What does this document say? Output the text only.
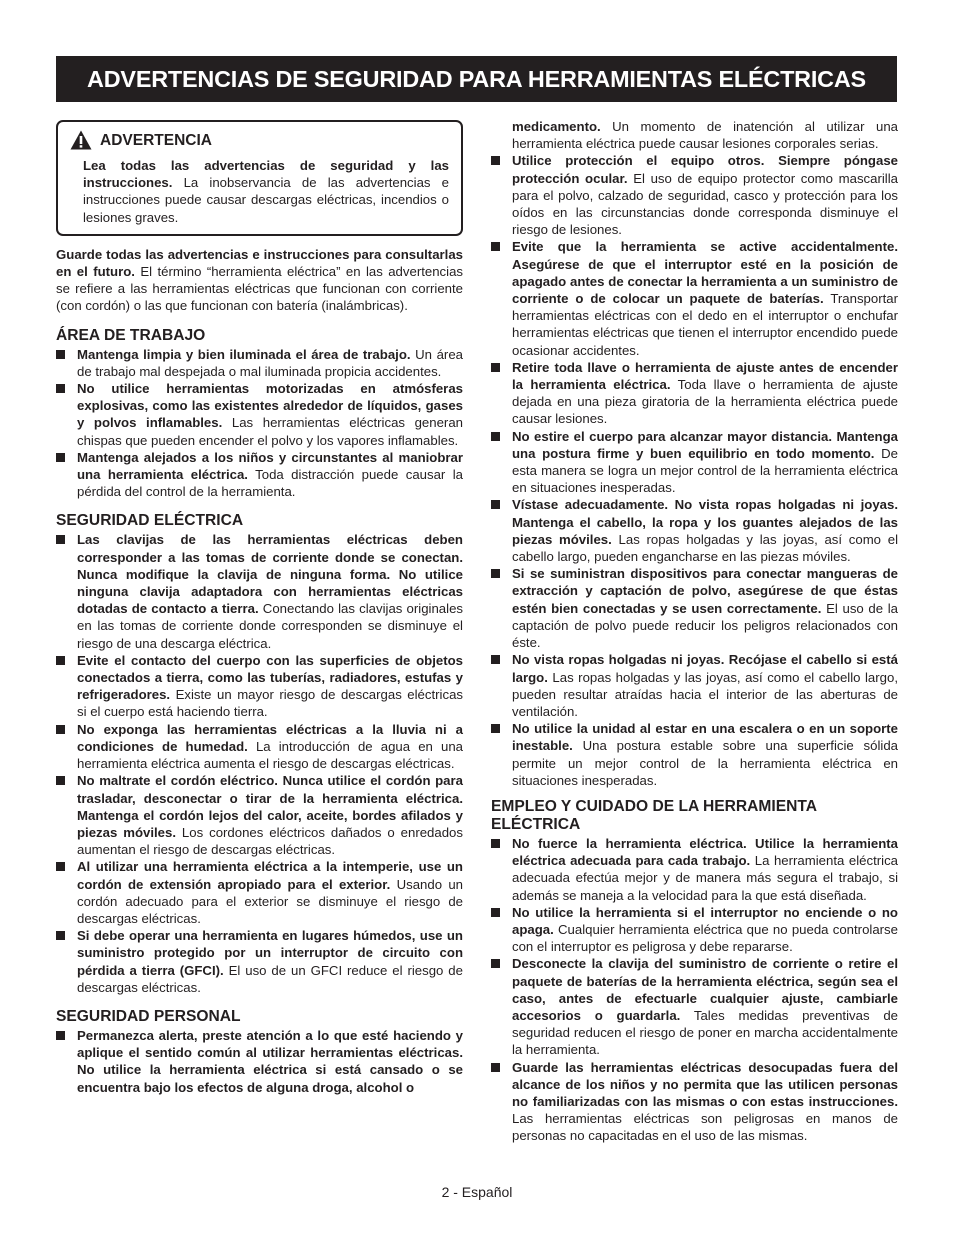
ADVERTENCIAS DE SEGURIDAD PARA HERRAMIENTAS ELÉCTRICAS
ADVERTENCIA

Lea todas las advertencias de seguridad y las instrucciones. La inobservancia de las advertencias e instrucciones puede causar descargas eléctricas, incendios o lesiones graves.

Guarde todas las advertencias e instrucciones para consultarlas en el futuro. El término “herramienta eléctrica” en las advertencias se refiere a las herramientas eléctricas que funcionan con corriente (con cordón) o las que funcionan con batería (inalámbricas).

ÁREA DE TRABAJO
Mantenga limpia y bien iluminada el área de trabajo. Un área de trabajo mal despejada o mal iluminada propicia accidentes.
No utilice herramientas motorizadas en atmósferas explosivas, como las existentes alrededor de líquidos, gases y polvos inflamables. Las herramientas eléctricas generan chispas que pueden encender el polvo y los vapores inflamables.
Mantenga alejados a los niños y circunstantes al maniobrar una herramienta eléctrica. Toda distracción puede causar la pérdida del control de la herramienta.
SEGURIDAD ELÉCTRICA
Las clavijas de las herramientas eléctricas deben corresponder a las tomas de corriente donde se conectan. Nunca modifique la clavija de ninguna forma. No utilice ninguna clavija adaptadora con herramientas eléctricas dotadas de contacto a tierra. Conectando las clavijas originales en las tomas de corriente donde corresponden se disminuye el riesgo de una descarga eléctrica.
Evite el contacto del cuerpo con las superficies de objetos conectados a tierra, como las tuberías, radiadores, estufas y refrigeradores. Existe un mayor riesgo de descargas eléctricas si el cuerpo está haciendo tierra.
No exponga las herramientas eléctricas a la lluvia ni a condiciones de humedad. La introducción de agua en una herramienta eléctrica aumenta el riesgo de descargas eléctricas.
No maltrate el cordón eléctrico. Nunca utilice el cordón para trasladar, desconectar o tirar de la herramienta eléctrica. Mantenga el cordón lejos del calor, aceite, bordes afilados y piezas móviles. Los cordones eléctricos dañados o enredados aumentan el riesgo de descargas eléctricas.
Al utilizar una herramienta eléctrica a la intemperie, use un cordón de extensión apropiado para el exterior. Usando un cordón adecuado para el exterior se disminuye el riesgo de descargas eléctricas.
Si debe operar una herramienta en lugares húmedos, use un suministro protegido por un interruptor de circuito con pérdida a tierra (GFCI). El uso de un GFCI reduce el riesgo de descargas eléctricas.
SEGURIDAD PERSONAL
Permanezca alerta, preste atención a lo que esté haciendo y aplique el sentido común al utilizar herramientas eléctricas. No utilice la herramienta eléctrica si está cansado o se encuentra bajo los efectos de alguna droga, alcohol o

medicamento. Un momento de inatención al utilizar una herramienta eléctrica puede causar lesiones corporales serias.

Utilice protección el equipo otros. Siempre póngase protección ocular. El uso de equipo protector como mascarilla para el polvo, calzado de seguridad, casco y protección para los oídos en las circunstancias donde corresponda disminuye el riesgo de lesiones.
Evite que la herramienta se active accidentalmente. Asegúrese de que el interruptor esté en la posición de apagado antes de conectar la herramienta a un suministro de corriente o de colocar un paquete de baterías. Transportar herramientas eléctricas con el dedo en el interruptor o enchufar herramientas eléctricas que tienen el interruptor encendido puede ocasionar accidentes.
Retire toda llave o herramienta de ajuste antes de encender la herramienta eléctrica. Toda llave o herramienta de ajuste dejada en una pieza giratoria de la herramienta eléctrica puede causar lesiones.
No estire el cuerpo para alcanzar mayor distancia. Mantenga una postura firme y buen equilibrio en todo momento. De esta manera se logra un mejor control de la herramienta eléctrica en situaciones inesperadas.
Vístase adecuadamente. No vista ropas holgadas ni joyas. Mantenga el cabello, la ropa y los guantes alejados de las piezas móviles. Las ropas holgadas y las joyas, así como el cabello largo, pueden engancharse en las piezas móviles.
Si se suministran dispositivos para conectar mangueras de extracción y captación de polvo, asegúrese de que éstas estén bien conectadas y se usen correctamente. El uso de la captación de polvo puede reducir los peligros relacionados con éste.
No vista ropas holgadas ni joyas. Recójase el cabello si está largo. Las ropas holgadas y las joyas, así como el cabello largo, pueden resultar atraídas hacia el interior de las aberturas de ventilación.
No utilice la unidad al estar en una escalera o en un soporte inestable. Una postura estable sobre una superficie sólida permite un mejor control de la herramienta eléctrica en situaciones inesperadas.
EMPLEO Y CUIDADO DE LA HERRAMIENTA ELÉCTRICA
No fuerce la herramienta eléctrica. Utilice la herramienta eléctrica adecuada para cada trabajo. La herramienta eléctrica adecuada efectúa mejor y de manera más segura el trabajo, si además se maneja a la velocidad para la que está diseñada.
No utilice la herramienta si el interruptor no enciende o no apaga. Cualquier herramienta eléctrica que no pueda controlarse con el interruptor es peligrosa y debe repararse.
Desconecte la clavija del suministro de corriente o retire el paquete de baterías de la herramienta eléctrica, según sea el caso, antes de efectuarle cualquier ajuste, cambiarle accesorios o guardarla. Tales medidas preventivas de seguridad reducen el riesgo de poner en marcha accidentalmente la herramienta.
Guarde las herramientas eléctricas desocupadas fuera del alcance de los niños y no permita que las utilicen personas no familiarizadas con las mismas o con estas instrucciones. Las herramientas eléctricas son peligrosas en manos de personas no capacitadas en el uso de las mismas.
2 - Español
